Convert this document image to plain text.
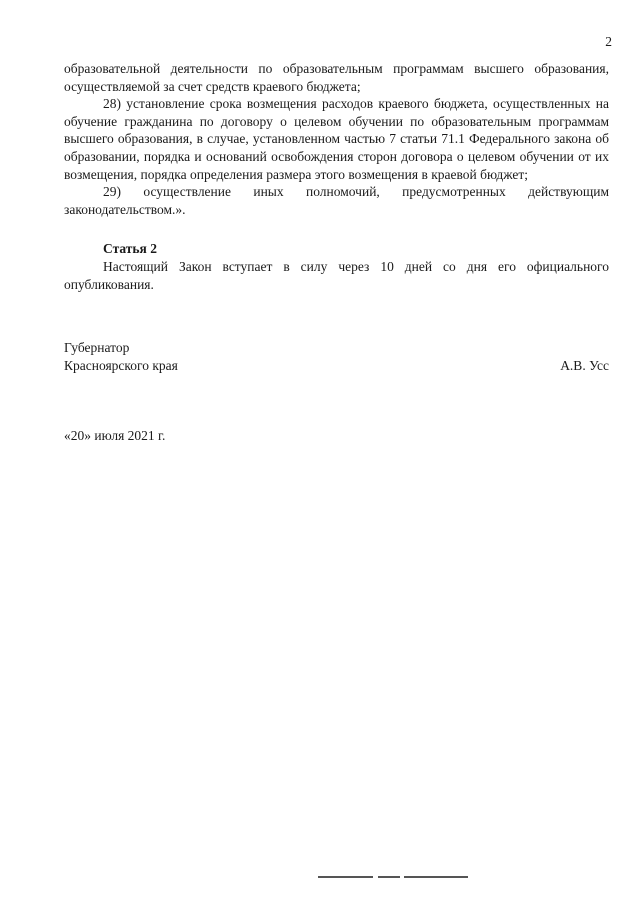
2

образовательной деятельности по образовательным программам высшего образования, осуществляемой за счет средств краевого бюджета;

28) установление срока возмещения расходов краевого бюджета, осуществленных на обучение гражданина по договору о целевом обучении по образовательным программам высшего образования, в случае, установленном частью 7 статьи 71.1 Федерального закона об образовании, порядка и оснований освобождения сторон договора о целевом обучении от их возмещения, порядка определения размера этого возмещения в краевой бюджет;

29) осуществление иных полномочий, предусмотренных действующим законодательством.».

Статья 2

Настоящий Закон вступает в силу через 10 дней со дня его официального опубликования.

Губернатор
Красноярского края	А.В. Усс
«20» июля 2021 г.
